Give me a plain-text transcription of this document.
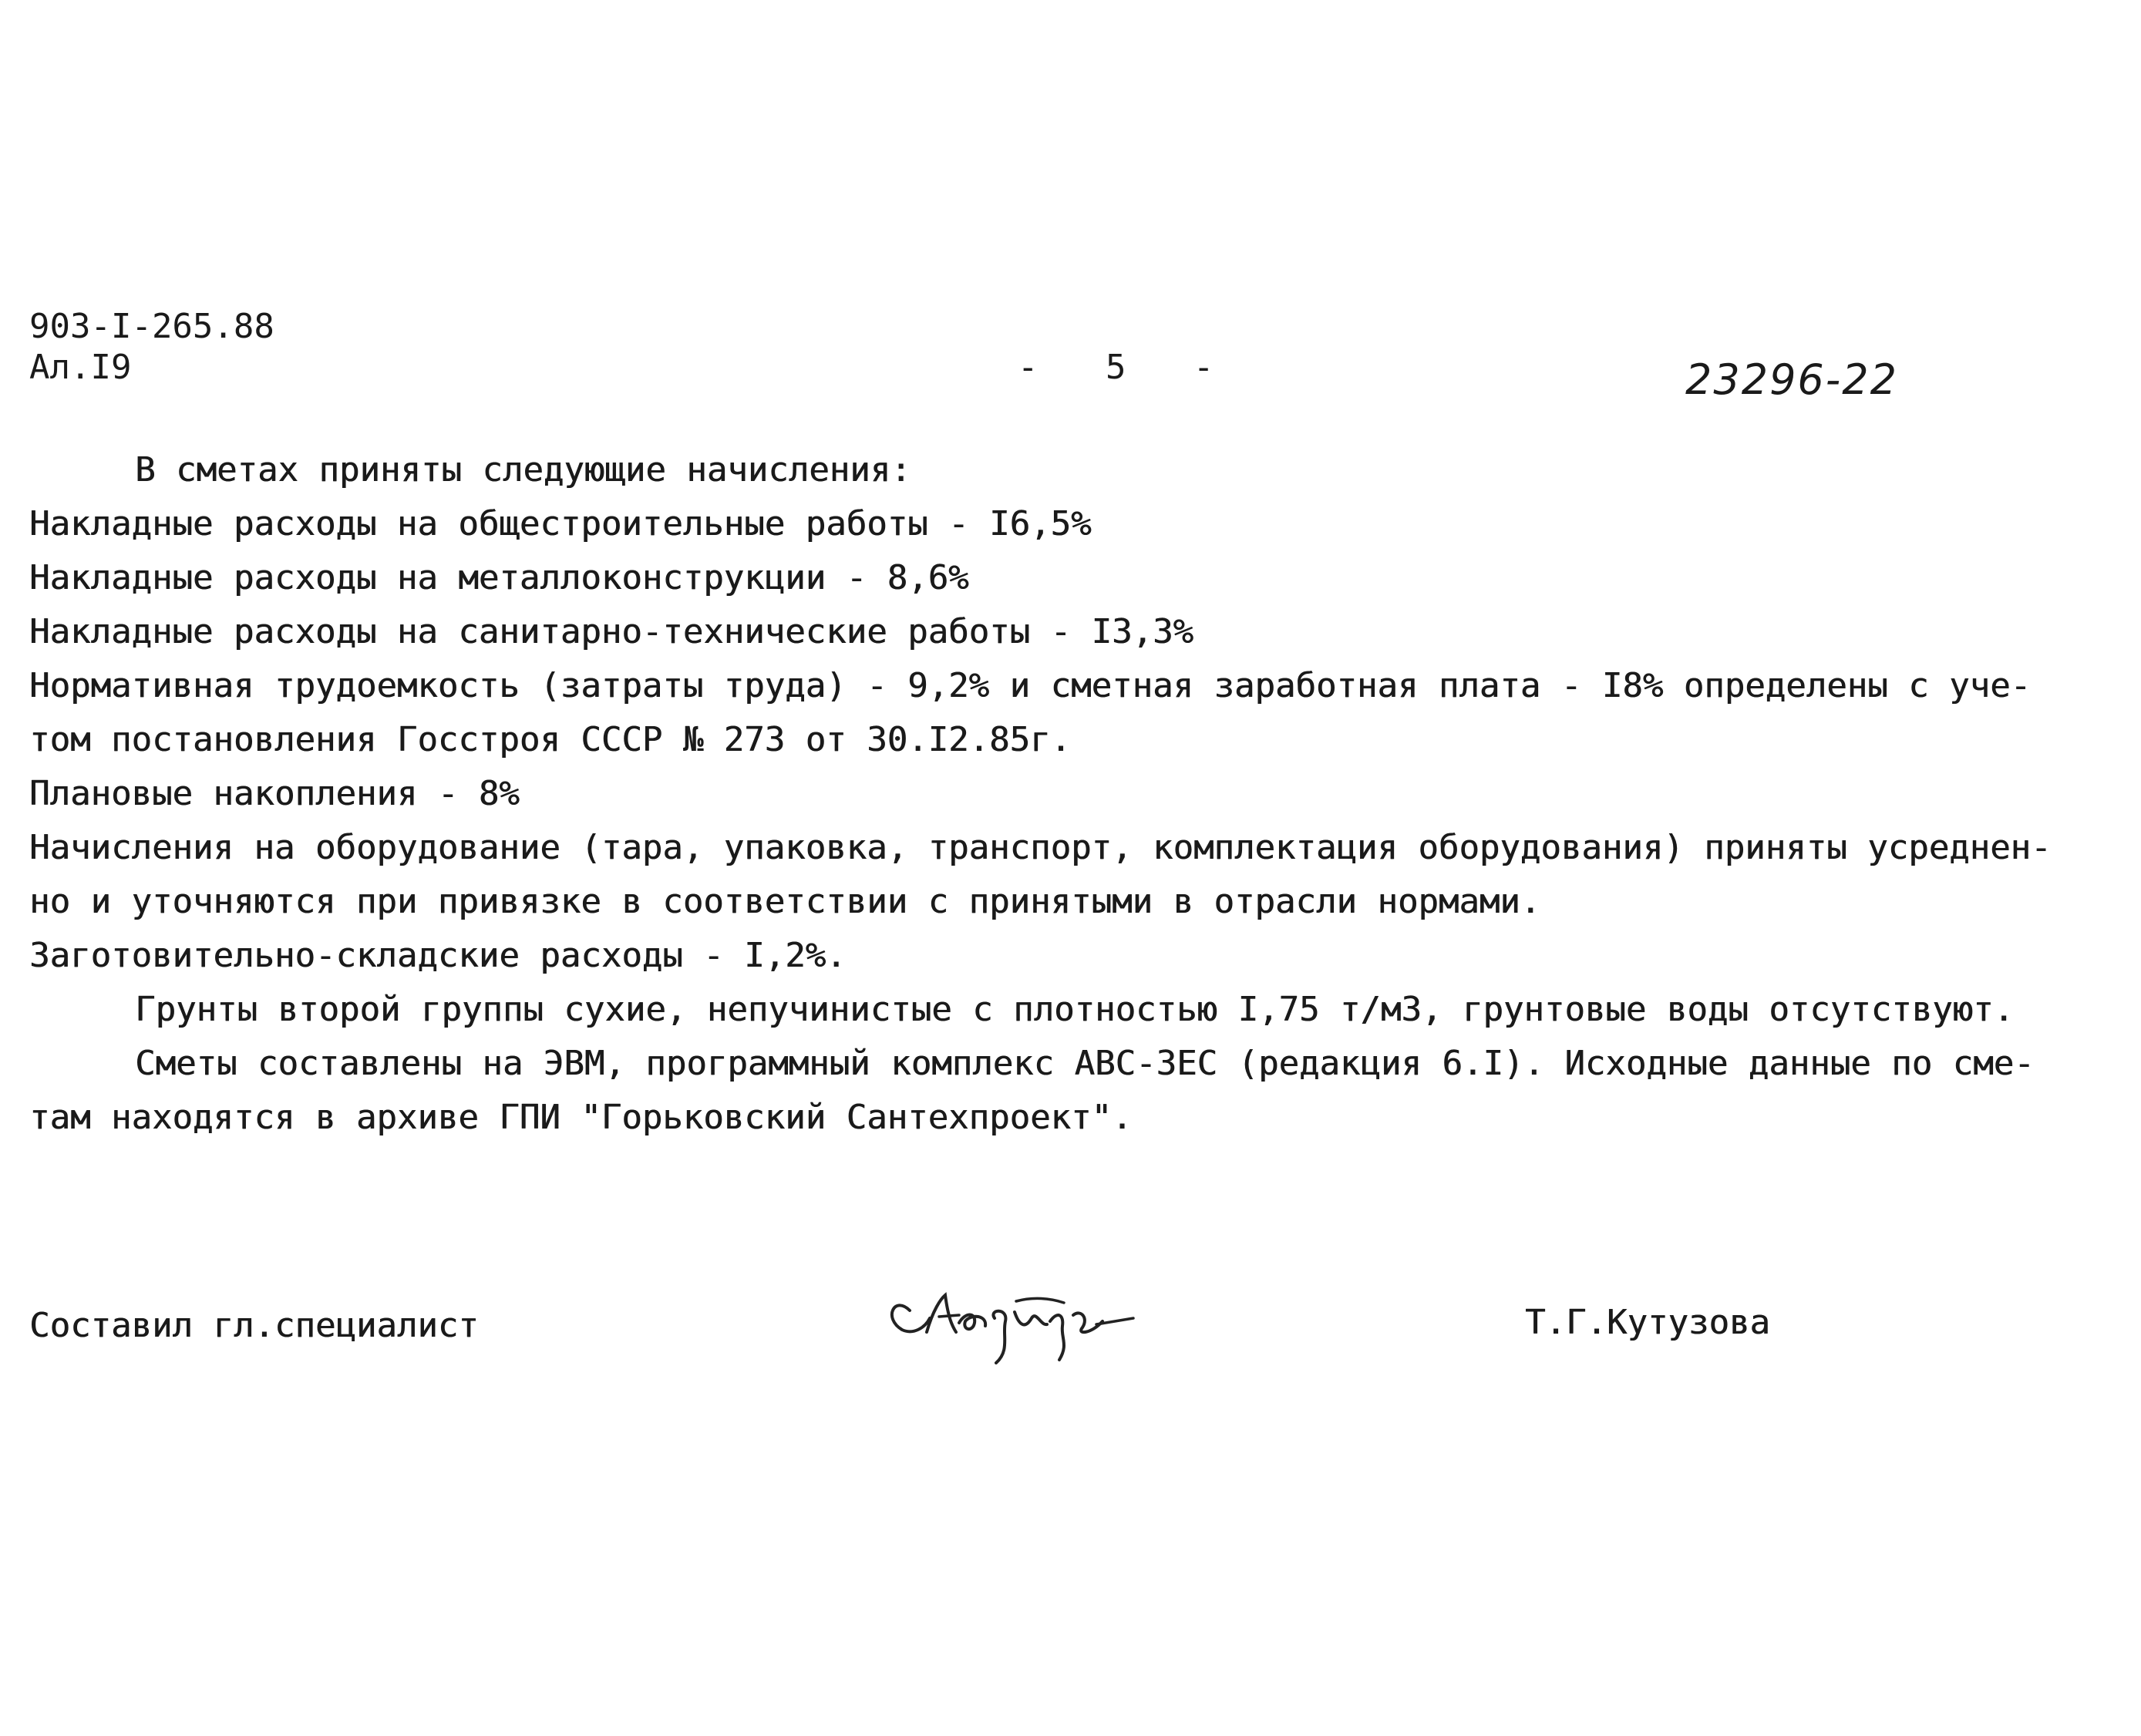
903-I-265.88
Ал.I9	-   5   -	23296-22
В сметах приняты следующие начисления:
Накладные расходы на общестроительные работы - I6,5%
Накладные расходы на металлоконструкции - 8,6%
Накладные расходы на санитарно-технические работы - I3,3%
Нормативная трудоемкость (затраты труда) - 9,2% и сметная заработная плата - I8% определены с уче-
том постановления Госстроя СССР № 273 от 30.I2.85г.
Плановые накопления - 8%
Начисления на оборудование (тара, упаковка, транспорт, комплектация оборудования) приняты усреднен-
но и уточняются при привязке в соответствии с принятыми в отрасли нормами.
Заготовительно-складские расходы - I,2%.
Грунты второй группы сухие, непучинистые с плотностью I,75 т/м3, грунтовые воды отсутствуют.
Сметы составлены на ЭВМ, программный комплекс АВС-3ЕС (редакция 6.I). Исходные данные по сме-
там находятся в архиве ГПИ "Горьковский Сантехпроект".
Составил гл.специалист	Т.Г.Кутузова
